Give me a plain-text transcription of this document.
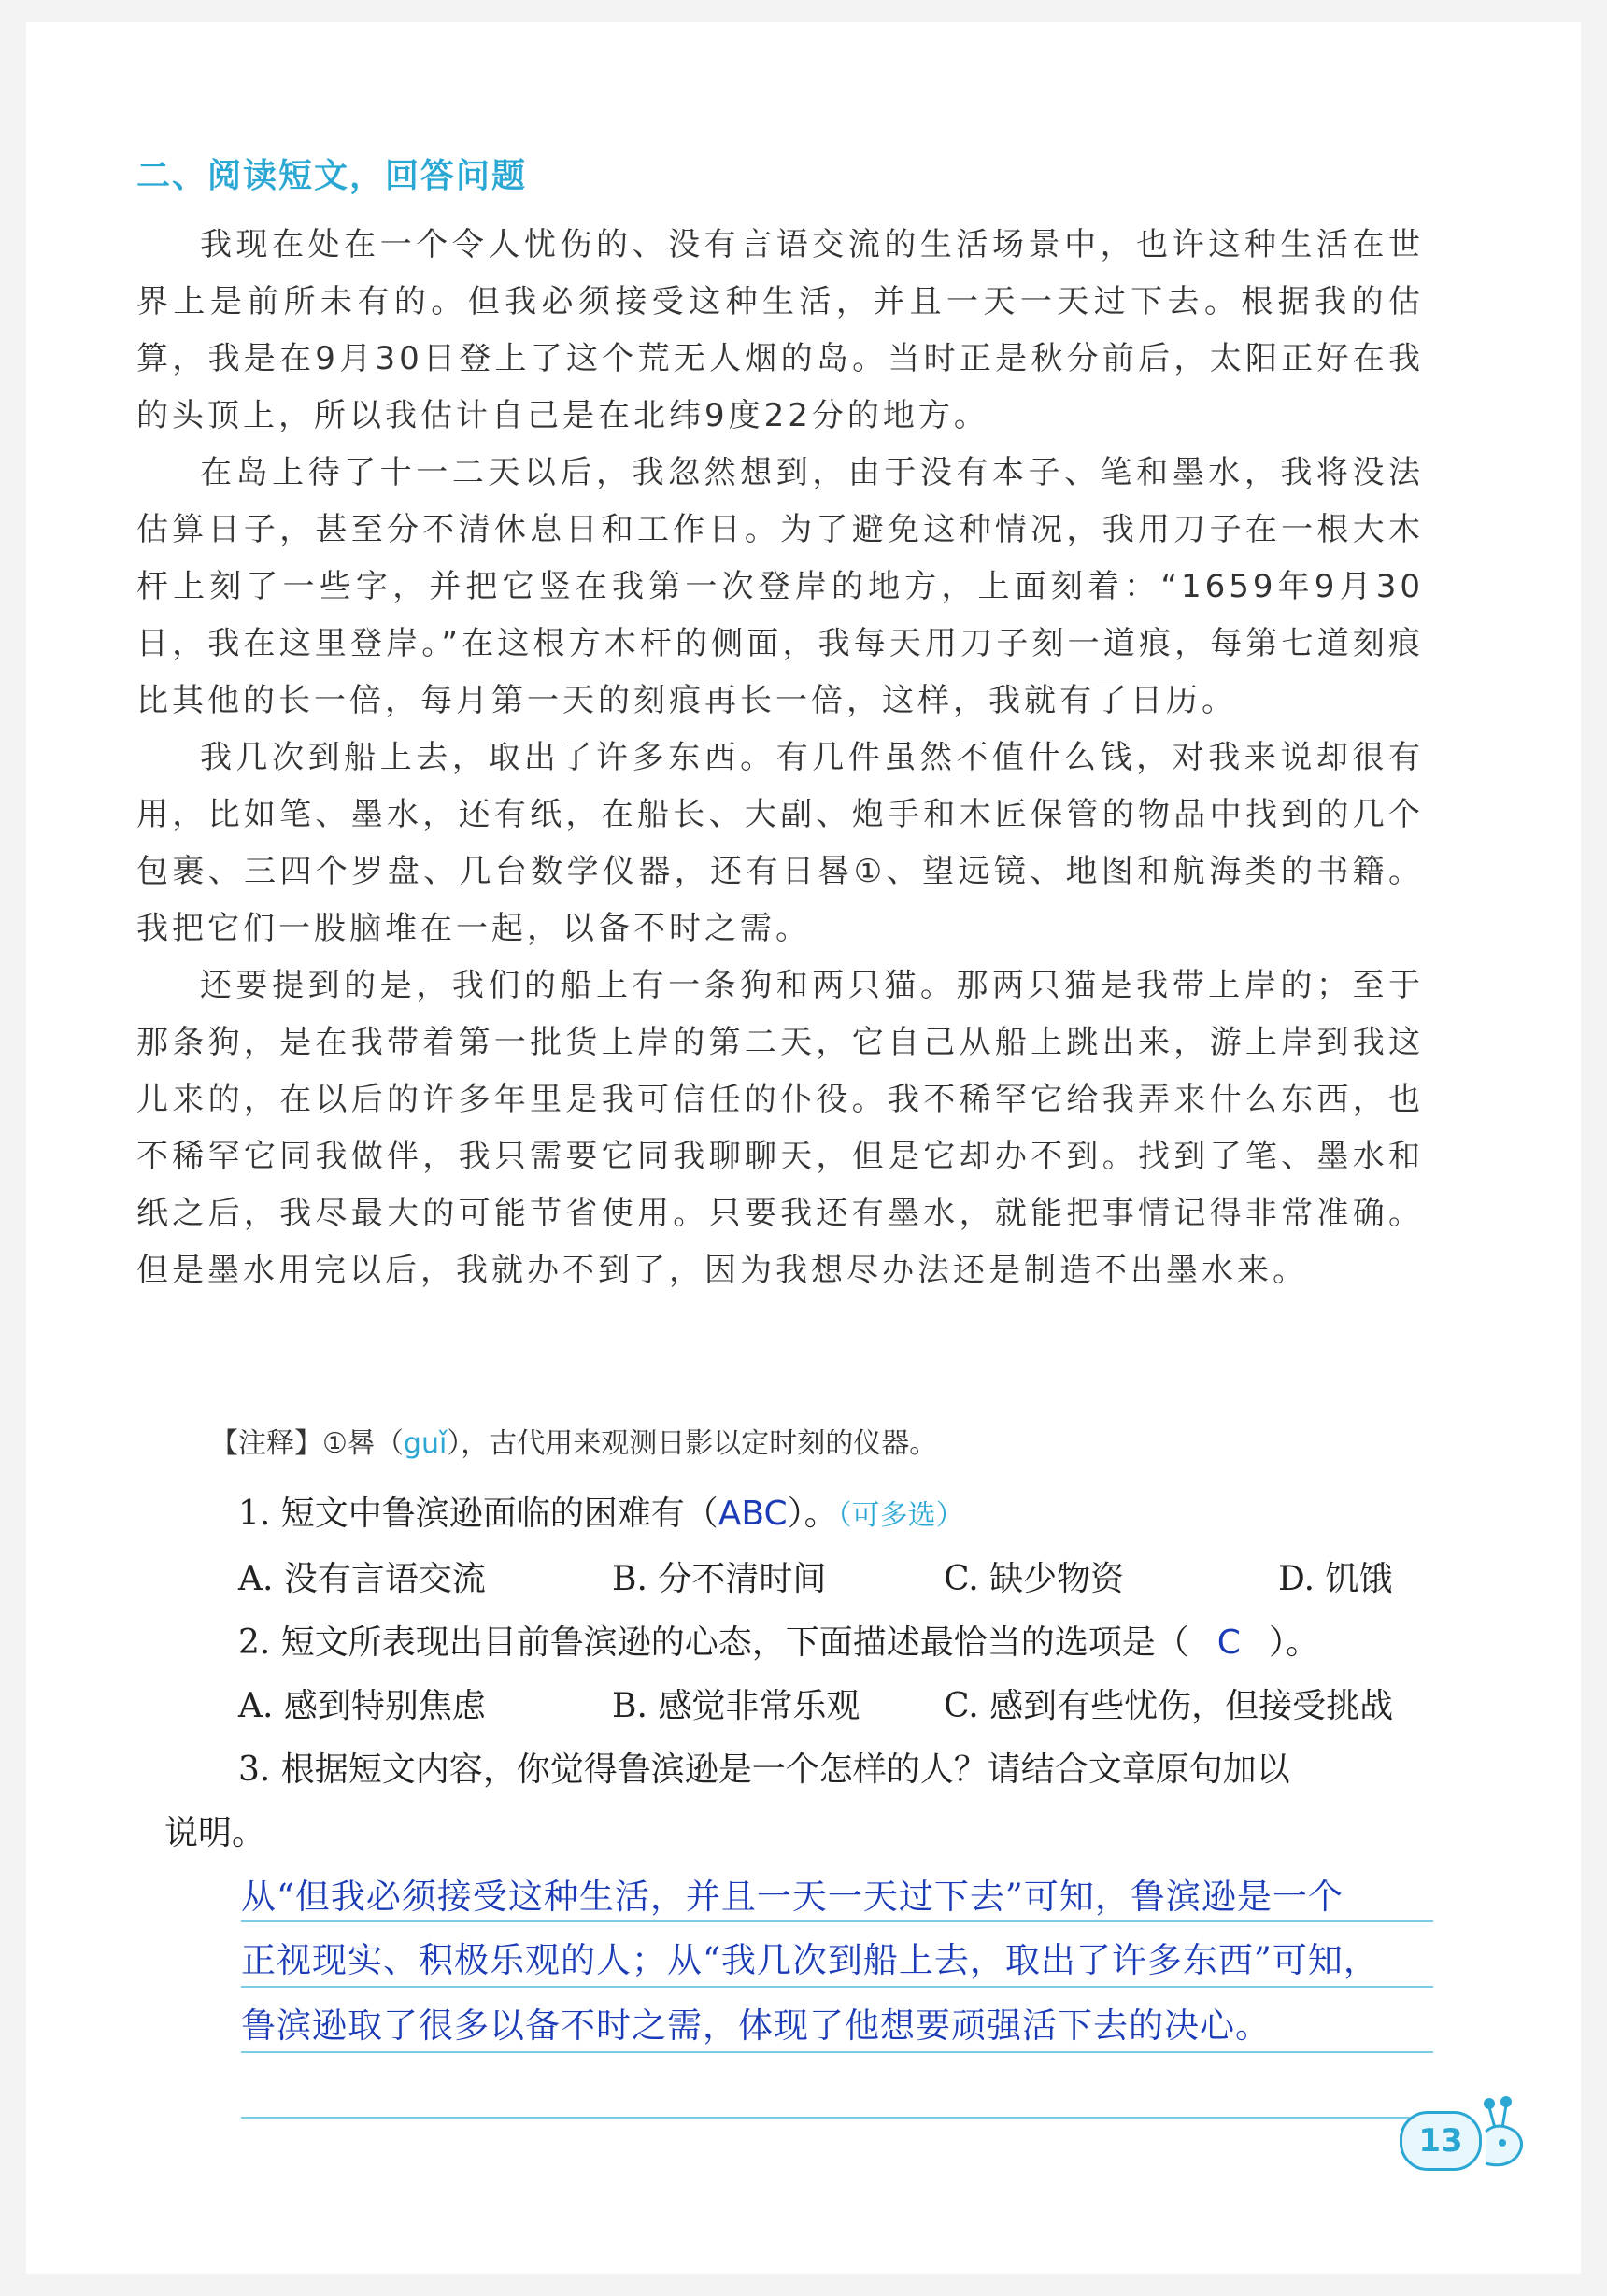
二、阅读短文，回答问题

我现在处在一个令人忧伤的、没有言语交流的生活场景中，也许这种生活在世界上是前所未有的。但我必须接受这种生活，并且一天一天过下去。根据我的估算，我是在9月30日登上了这个荒无人烟的岛。当时正是秋分前后，太阳正好在我的头顶上，所以我估计自己是在北纬9度22分的地方。

在岛上待了十一二天以后，我忽然想到，由于没有本子、笔和墨水，我将没法估算日子，甚至分不清休息日和工作日。为了避免这种情况，我用刀子在一根大木杆上刻了一些字，并把它竖在我第一次登岸的地方，上面刻着：“1659年9月30日，我在这里登岸。”在这根方木杆的侧面，我每天用刀子刻一道痕，每第七道刻痕比其他的长一倍，每月第一天的刻痕再长一倍，这样，我就有了日历。

我几次到船上去，取出了许多东西。有几件虽然不值什么钱，对我来说却很有用，比如笔、墨水，还有纸，在船长、大副、炮手和木匠保管的物品中找到的几个包裹、三四个罗盘、几台数学仪器，还有日晷①、望远镜、地图和航海类的书籍。我把它们一股脑堆在一起，以备不时之需。

还要提到的是，我们的船上有一条狗和两只猫。那两只猫是我带上岸的；至于那条狗，是在我带着第一批货上岸的第二天，它自己从船上跳出来，游上岸到我这儿来的，在以后的许多年里是我可信任的仆役。我不稀罕它给我弄来什么东西，也不稀罕它同我做伴，我只需要它同我聊聊天，但是它却办不到。找到了笔、墨水和纸之后，我尽最大的可能节省使用。只要我还有墨水，就能把事情记得非常准确。但是墨水用完以后，我就办不到了，因为我想尽办法还是制造不出墨水来。

【注释】①晷（guǐ），古代用来观测日影以定时刻的仪器。
1. 短文中鲁滨逊面临的困难有（ABC）。（可多选）
A. 没有言语交流	B. 分不清时间	C. 缺少物资	D. 饥饿
2. 短文所表现出目前鲁滨逊的心态，下面描述最恰当的选项是（ C ）。
A. 感到特别焦虑	B. 感觉非常乐观 C. 感到有些忧伤，但接受挑战
3. 根据短文内容，你觉得鲁滨逊是一个怎样的人？请结合文章原句加以
说明。
从“但我必须接受这种生活，并且一天一天过下去”可知，鲁滨逊是一个
正视现实、积极乐观的人；从“我几次到船上去，取出了许多东西”可知，
鲁滨逊取了很多以备不时之需，体现了他想要顽强活下去的决心。
13
